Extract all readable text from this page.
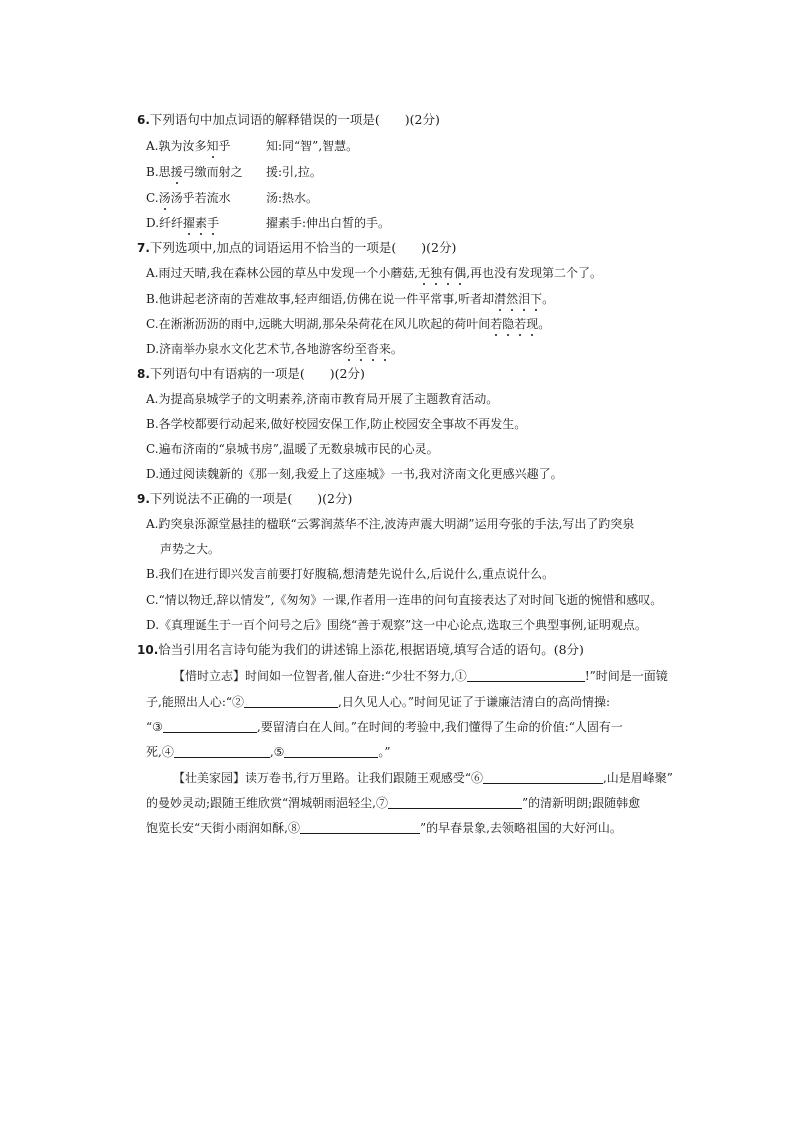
6.下列语句中加点词语的解释错误的一项是(　　)(2分)
A.孰为汝多知乎	知:同“智”,智慧。
B.思援弓缴而射之 援:引,拉。
C.汤汤乎若流水	汤:热水。
D.纤纤擢素手	擢素手:伸出白皙的手。
7.下列选项中,加点的词语运用不恰当的一项是(　　)(2分)
A.雨过天晴,我在森林公园的草丛中发现一个小蘑菇,无独有偶,再也没有发现第二个了。
B.他讲起老济南的苦难故事,轻声细语,仿佛在说一件平常事,听者却潸然泪下。
C.在淅淅沥沥的雨中,远眺大明湖,那朵朵荷花在风儿吹起的荷叶间若隐若现。
D.济南举办泉水文化艺术节,各地游客纷至沓来。
8.下列语句中有语病的一项是(　　)(2分)
A.为提高泉城学子的文明素养,济南市教育局开展了主题教育活动。
B.各学校都要行动起来,做好校园安保工作,防止校园安全事故不再发生。
C.遍布济南的“泉城书房”,温暖了无数泉城市民的心灵。
D.通过阅读魏新的《那一刻,我爱上了这座城》一书,我对济南文化更感兴趣了。
9.下列说法不正确的一项是(　　)(2分)
A.趵突泉泺源堂悬挂的楹联“云雾润蒸华不注,波涛声震大明湖”运用夸张的手法,写出了趵突泉
声势之大。
B.我们在进行即兴发言前要打好腹稿,想清楚先说什么,后说什么,重点说什么。
C.“情以物迁,辞以情发”,《匆匆》一课,作者用一连串的问句直接表达了对时间飞逝的惋惜和感叹。
D.《真理诞生于一百个问号之后》围绕“善于观察”这一中心论点,选取三个典型事例,证明观点。
10.恰当引用名言诗句能为我们的讲述锦上添花,根据语境,填写合适的语句。(8分)
【惜时立志】时间如一位智者,催人奋进:“少壮不努力,①	!”时间是一面镜
子,能照出人心:“②	,日久见人心。”时间见证了于谦廉洁清白的高尚情操:
“③	,要留清白在人间。”在时间的考验中,我们懂得了生命的价值:“人固有一
死,④	,⑤	。”
【壮美家园】读万卷书,行万里路。让我们跟随王观感受“⑥	,山是眉峰聚”
的曼妙灵动;跟随王维欣赏“渭城朝雨浥轻尘,⑦	”的清新明朗;跟随韩愈
饱览长安“天街小雨润如酥,⑧	”的早春景象,去领略祖国的大好河山。
